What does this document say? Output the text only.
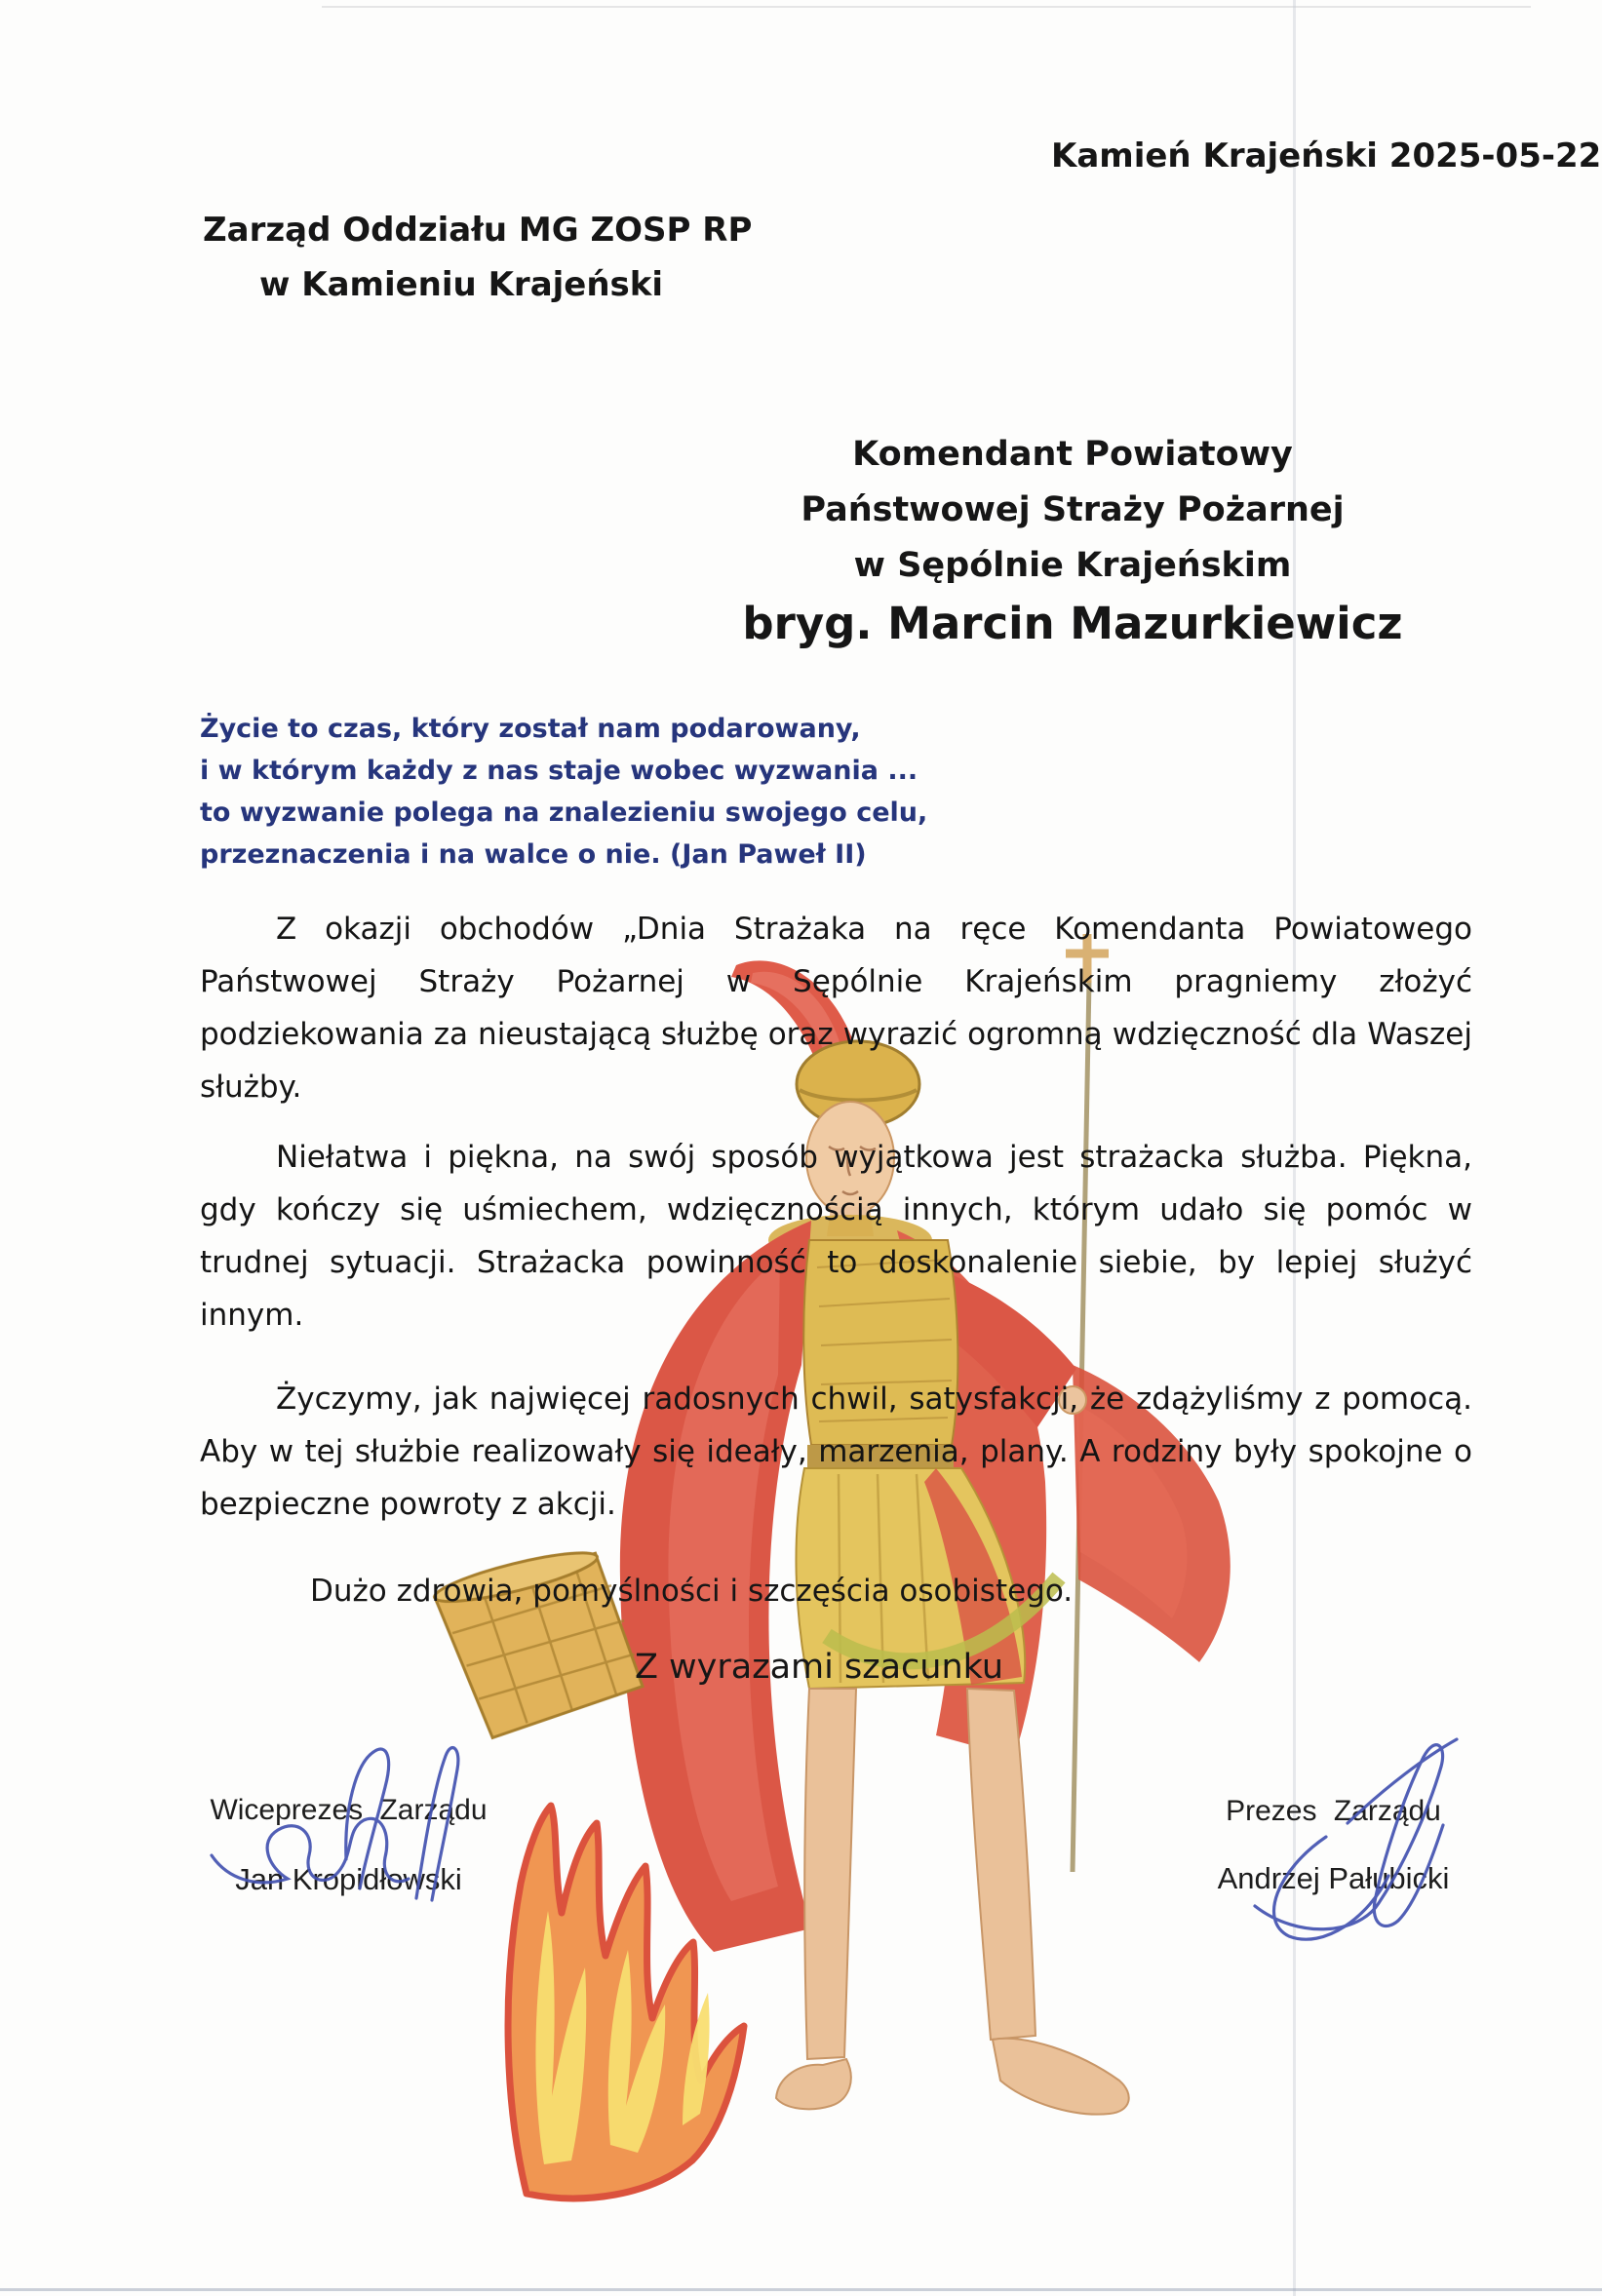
Kamień Krajeński 2025-05-22
Zarząd Oddziału MG ZOSP RP
w Kamieniu Krajeński
Komendant Powiatowy
Państwowej Straży Pożarnej
w Sępólnie Krajeńskim
bryg. Marcin Mazurkiewicz
Życie to czas, który został nam podarowany,
i w którym każdy z nas staje wobec wyzwania ...
to wyzwanie polega na znalezieniu swojego celu,
przeznaczenia i na walce o nie. (Jan Paweł II)
Z okazji obchodów „Dnia Strażaka na ręce Komendanta Powiatowego Państwowej Straży Pożarnej w Sępólnie Krajeńskim pragniemy złożyć podziekowania za nieustającą służbę oraz wyrazić ogromną wdzięczność dla Waszej służby.
Niełatwa i piękna, na swój sposób wyjątkowa jest strażacka służba. Piękna, gdy kończy się uśmiechem, wdzięcznością innych, którym udało się pomóc w trudnej sytuacji. Strażacka powinność to doskonalenie siebie, by lepiej służyć innym.
Życzymy, jak najwięcej radosnych chwil, satysfakcji, że zdążyliśmy z pomocą. Aby w tej służbie realizowały się ideały, marzenia, plany. A rodziny były spokojne o bezpieczne powroty z akcji.
Dużo zdrowia, pomyślności i szczęścia osobistego.
Z wyrazami szacunku
Wiceprezes Zarządu
Jan Kropidłowski
Prezes Zarządu
Andrzej Pałubicki
